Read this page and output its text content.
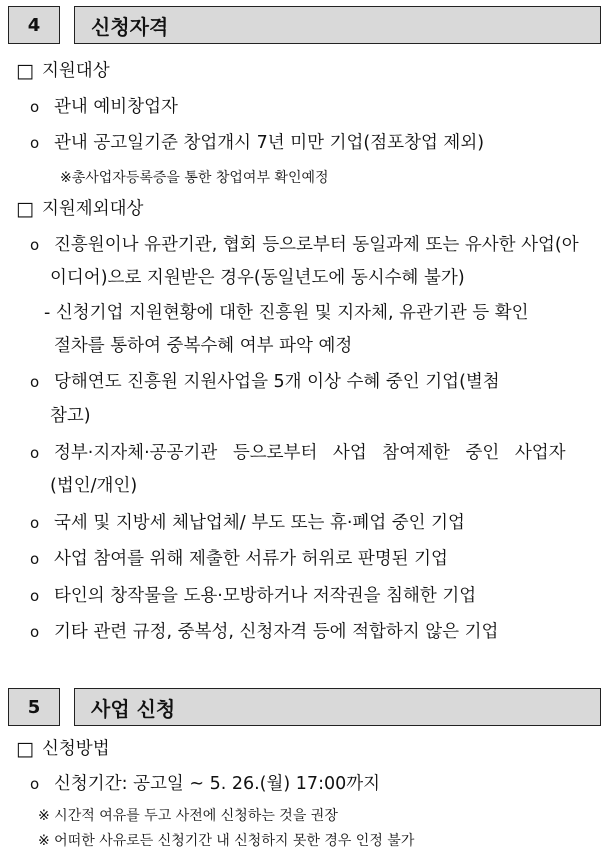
4	신청자격
□ 지원대상
o 관내 예비창업자
o 관내 공고일기준 창업개시 7년 미만 기업(점포창업 제외)
※총사업자등록증을 통한 창업여부 확인예정
□ 지원제외대상
o 진흥원이나 유관기관, 협회 등으로부터 동일과제 또는 유사한 사업(아
이디어)으로 지원받은 경우(동일년도에 동시수혜 불가)
- 신청기업 지원현황에 대한 진흥원 및 지자체, 유관기관 등 확인
절차를 통하여 중복수혜 여부 파악 예정
o 당해연도 진흥원 지원사업을 5개 이상 수혜 중인 기업(별첨
참고)
o 정부·지자체·공공기관 등으로부터 사업 참여제한 중인 사업자
(법인/개인)
o 국세 및 지방세 체납업체/ 부도 또는 휴·폐업 중인 기업
o 사업 참여를 위해 제출한 서류가 허위로 판명된 기업
o 타인의 창작물을 도용·모방하거나 저작권을 침해한 기업
o 기타 관련 규정, 중복성, 신청자격 등에 적합하지 않은 기업
5	사업 신청
□ 신청방법
o 신청기간: 공고일 ~ 5. 26.(월) 17:00까지
※ 시간적 여유를 두고 사전에 신청하는 것을 권장
※ 어떠한 사유로든 신청기간 내 신청하지 못한 경우 인정 불가
